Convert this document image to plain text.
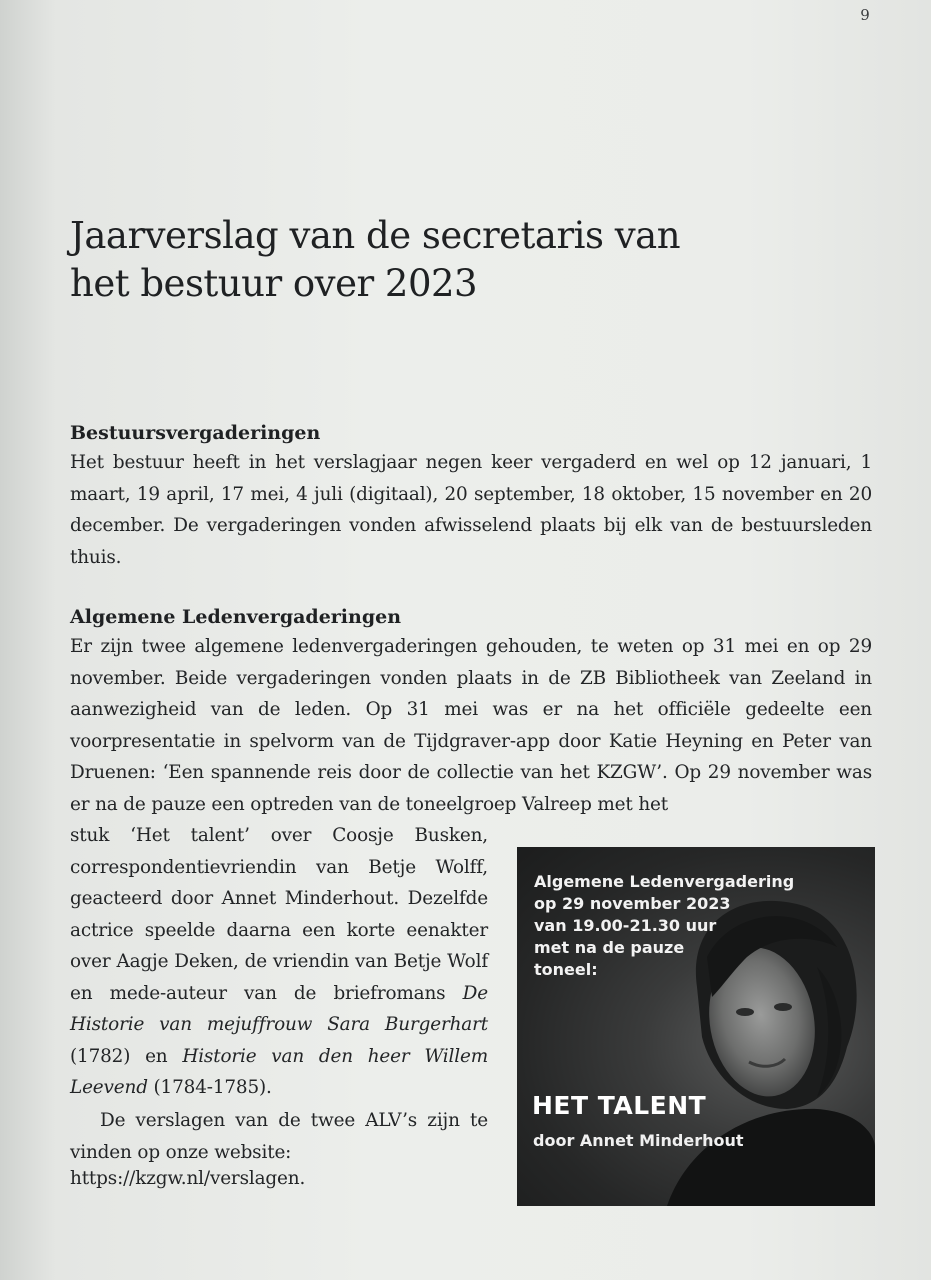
9
Jaarverslag van de secretaris van
het bestuur over 2023
Bestuursvergaderingen

Het bestuur heeft in het verslagjaar negen keer vergaderd en wel op 12 januari, 1 maart, 19 april, 17 mei, 4 juli (digitaal), 20 september, 18 oktober, 15 november en 20 december. De vergaderingen vonden afwisselend plaats bij elk van de bestuursleden thuis.

Algemene Ledenvergaderingen

Er zijn twee algemene ledenvergaderingen gehouden, te weten op 31 mei en op 29 november. Beide vergaderingen vonden plaats in de ZB Bibliotheek van Zeeland in aanwezigheid van de leden. Op 31 mei was er na het officiële gedeelte een voorpresentatie in spelvorm van de Tijdgraver-app door Katie Heyning en Peter van Druenen: ‘Een spannende reis door de collectie van het KZGW’. Op 29 november was er na de pauze een optreden van de toneelgroep Valreep met het

stuk ‘Het talent’ over Coosje Busken, correspondentievriendin van Betje Wolff, geacteerd door Annet Minderhout. Dezelfde actrice speelde daarna een korte eenakter over Aagje Deken, de vriendin van Betje Wolf en mede-auteur van de briefromans De Historie van mejuffrouw Sara Burgerhart (1782) en Historie van den heer Willem Leevend (1784-1785).

De verslagen van de twee ALV’s zijn te vinden op onze website:

https://kzgw.nl/verslagen.

Algemene Ledenvergadering
op 29 november 2023
van 19.00-21.30 uur
met na de pauze
toneel:
HET TALENT
door Annet Minderhout
